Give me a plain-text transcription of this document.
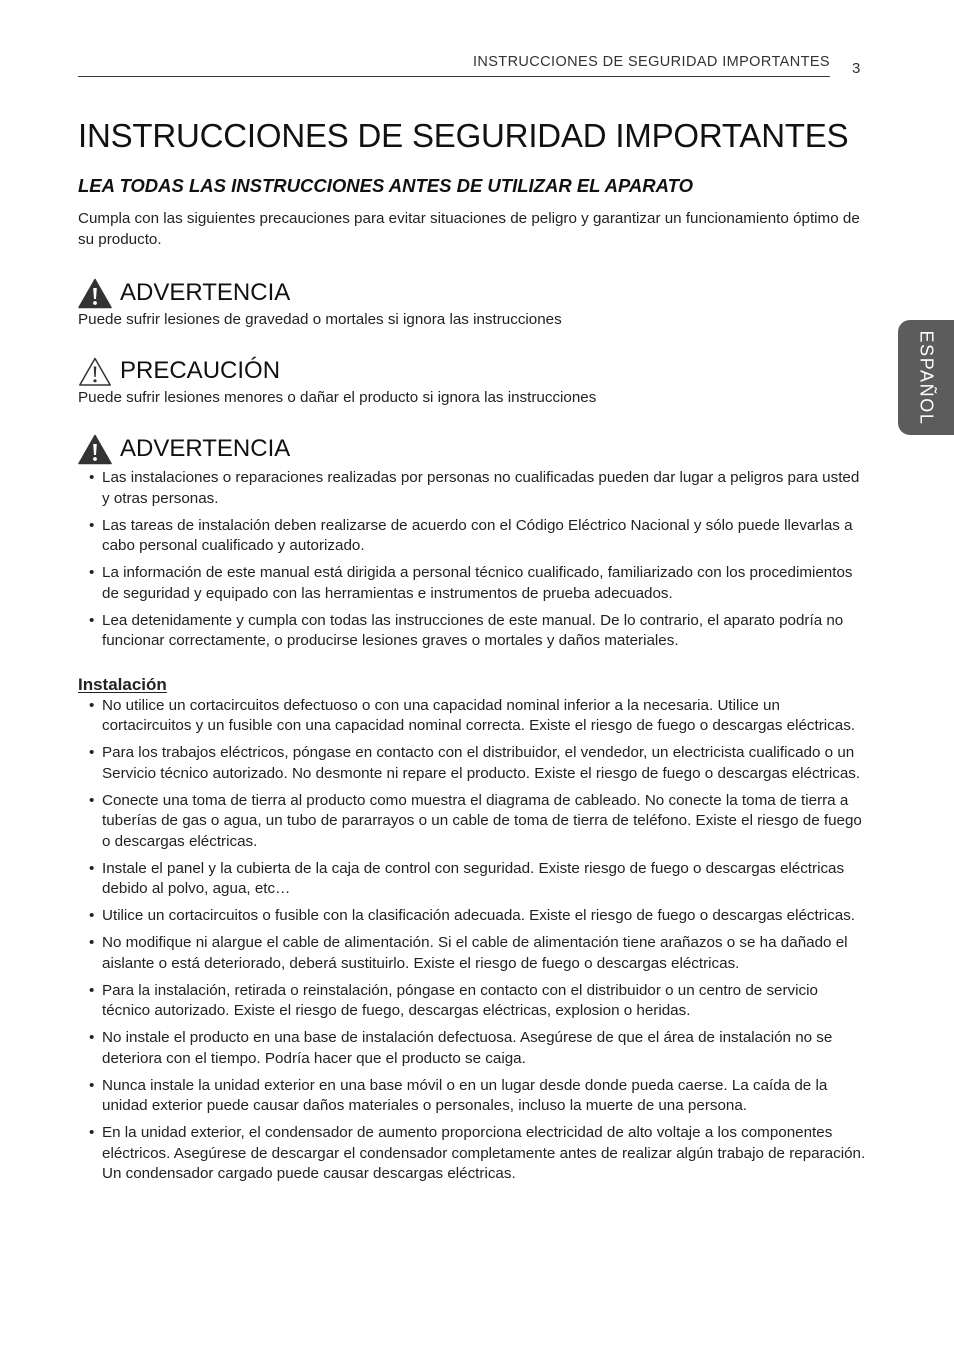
INSTRUCCIONES DE SEGURIDAD IMPORTANTES 3
ESPAÑOL
INSTRUCCIONES DE SEGURIDAD IMPORTANTES

LEA TODAS LAS INSTRUCCIONES ANTES DE UTILIZAR EL APARATO

Cumpla con las siguientes precauciones para evitar situaciones de peligro y garantizar un funcionamiento óptimo de su producto.

ADVERTENCIA

Puede sufrir lesiones de gravedad o mortales si ignora las instrucciones

PRECAUCIÓN

Puede sufrir lesiones menores o dañar el producto si ignora las instrucciones

ADVERTENCIA
• Las instalaciones o reparaciones realizadas por personas no cualificadas pueden dar lugar a peligros para usted y otras personas.
• Las tareas de instalación deben realizarse de acuerdo con el Código Eléctrico Nacional y sólo puede llevarlas a cabo personal cualificado y autorizado.
• La información de este manual está dirigida a personal técnico cualificado, familiarizado con los procedimientos de seguridad y equipado con las herramientas e instrumentos de prueba adecuados.
• Lea detenidamente y cumpla con todas las instrucciones de este manual. De lo contrario, el aparato podría no funcionar correctamente, o producirse lesiones graves o mortales y daños materiales.
Instalación
• No utilice un cortacircuitos defectuoso o con una capacidad nominal inferior a la necesaria. Utilice un cortacircuitos y un fusible con una capacidad nominal correcta. Existe el riesgo de fuego o descargas eléctricas.
• Para los trabajos eléctricos, póngase en contacto con el distribuidor, el vendedor, un electricista cualificado o un Servicio técnico autorizado. No desmonte ni repare el producto. Existe el riesgo de fuego o descargas eléctricas.
• Conecte una toma de tierra al producto como muestra el diagrama de cableado. No conecte la toma de tierra a tuberías de gas o agua, un tubo de pararrayos o un cable de toma de tierra de teléfono. Existe el riesgo de fuego o descargas eléctricas.
• Instale el panel y la cubierta de la caja de control con seguridad. Existe riesgo de fuego o descargas eléctricas debido al polvo, agua, etc…
• Utilice un cortacircuitos o fusible con la clasificación adecuada. Existe el riesgo de fuego o descargas eléctricas.
• No modifique ni alargue el cable de alimentación. Si el cable de alimentación tiene arañazos o se ha dañado el aislante o está deteriorado, deberá sustituirlo. Existe el riesgo de fuego o descargas eléctricas.
• Para la instalación, retirada o reinstalación, póngase en contacto con el distribuidor o un centro de servicio técnico autorizado. Existe el riesgo de fuego, descargas eléctricas, explosion o heridas.
• No instale el producto en una base de instalación defectuosa. Asegúrese de que el área de instalación no se deteriora con el tiempo. Podría hacer que el producto se caiga.
• Nunca instale la unidad exterior en una base móvil o en un lugar desde donde pueda caerse. La caída de la unidad exterior puede causar daños materiales o personales, incluso la muerte de una persona.
• En la unidad exterior, el condensador de aumento proporciona electricidad de alto voltaje a los componentes eléctricos. Asegúrese de descargar el condensador completamente antes de realizar algún trabajo de reparación. Un condensador cargado puede causar descargas eléctricas.
